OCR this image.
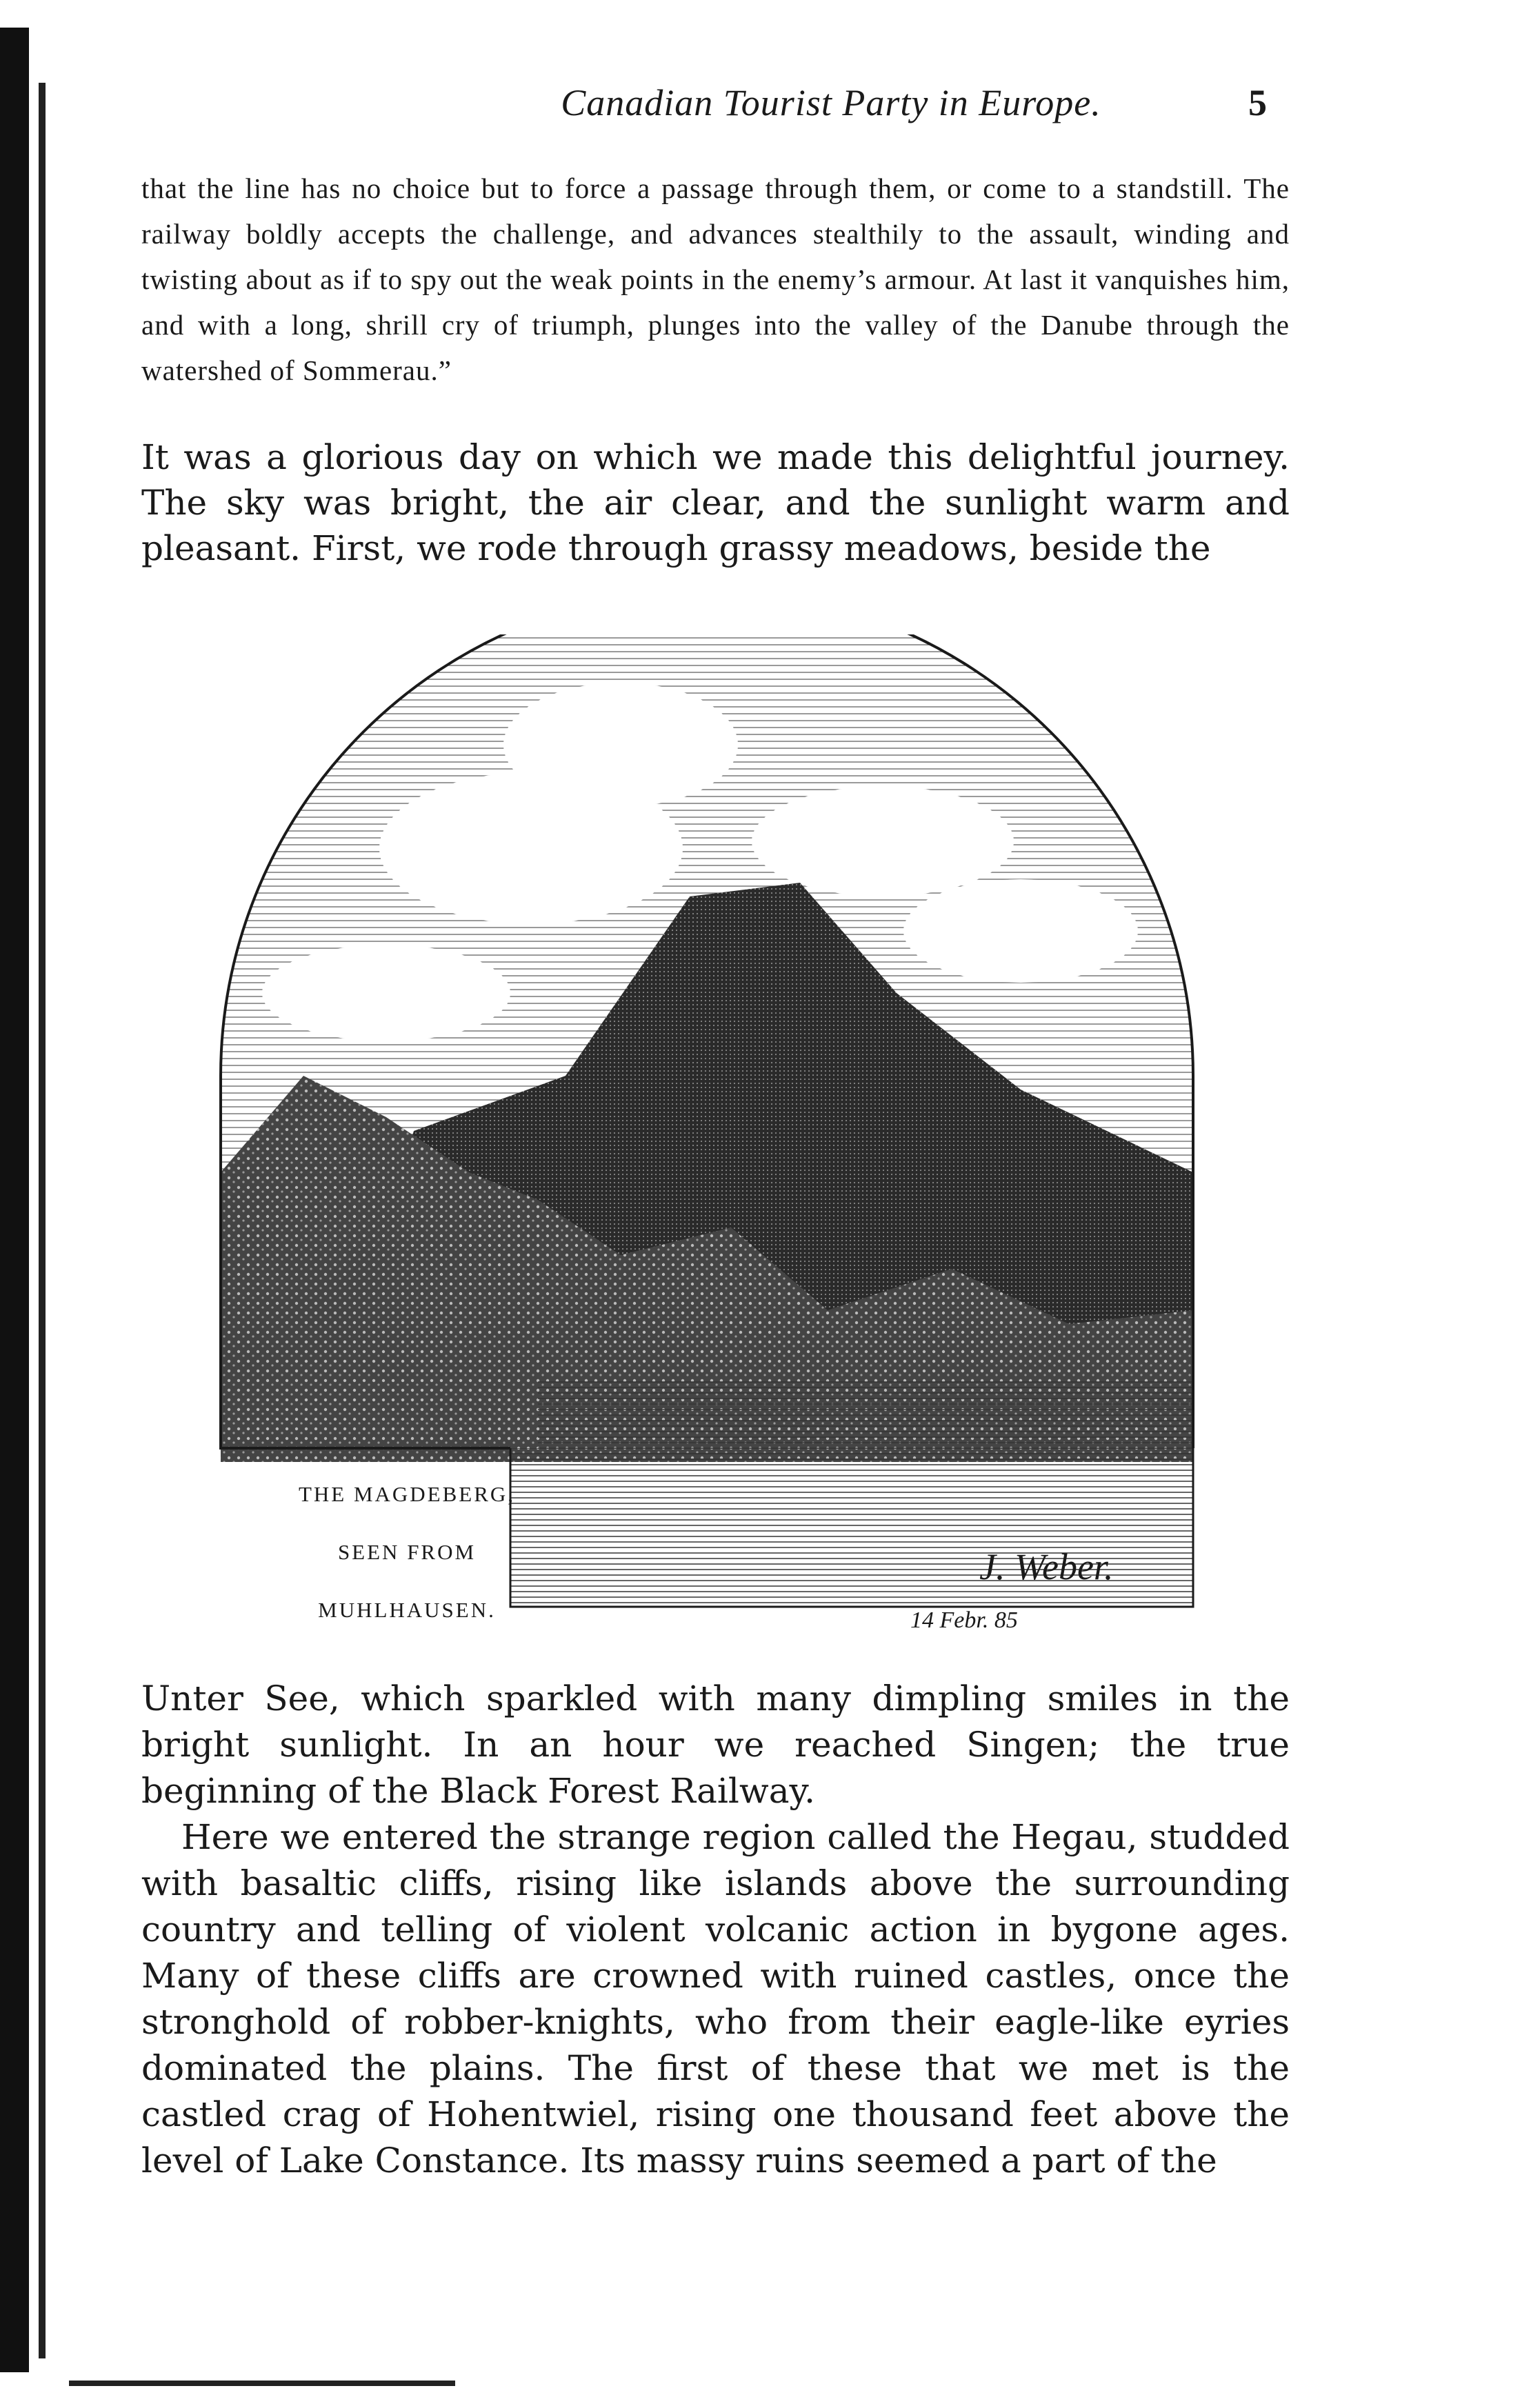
Canadian Tourist Party in Europe.	5
that the line has no choice but to force a passage through them, or come to a standstill. The railway boldly accepts the challenge, and advances stealthily to the assault, winding and twisting about as if to spy out the weak points in the enemy’s armour. At last it vanquishes him, and with a long, shrill cry of triumph, plunges into the valley of the Danube through the watershed of Sommerau.”
It was a glorious day on which we made this delightful journey. The sky was bright, the air clear, and the sunlight warm and pleasant. First, we rode through grassy meadows, beside the
J. Weber.
14 Febr. 85
THE MAGDEBERG,
SEEN FROM
MUHLHAUSEN.

Unter See, which sparkled with many dimpling smiles in the bright sunlight. In an hour we reached Singen; the true beginning of the Black Forest Railway.

Here we entered the strange region called the Hegau, studded with basaltic cliffs, rising like islands above the surrounding country and telling of violent volcanic action in bygone ages. Many of these cliffs are crowned with ruined castles, once the stronghold of robber-knights, who from their eagle-like eyries dominated the plains. The first of these that we met is the castled crag of Hohentwiel, rising one thousand feet above the level of Lake Constance. Its massy ruins seemed a part of the
